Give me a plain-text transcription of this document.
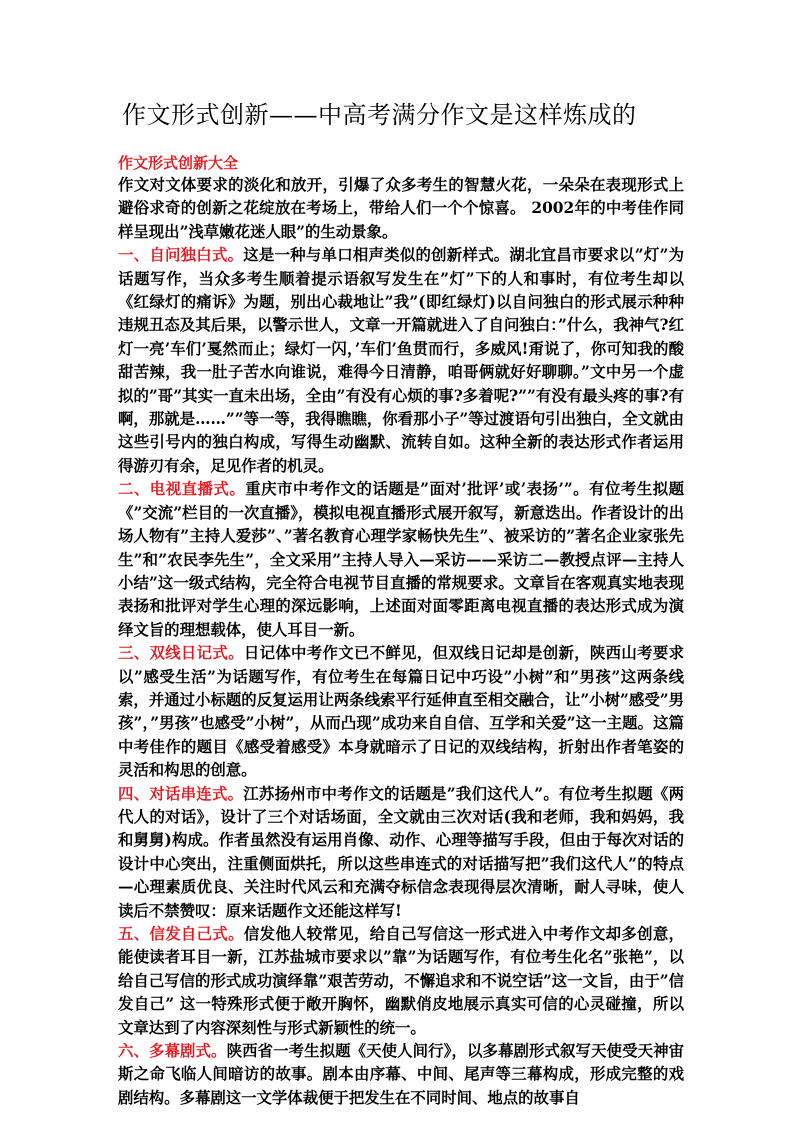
作文形式创新——中高考满分作文是这样炼成的
作文形式创新大全

作文对文体要求的淡化和放开，引爆了众多考生的智慧火花，一朵朵在表现形式上避俗求奇的创新之花绽放在考场上，带给人们一个个惊喜。 2002年的中考佳作同样呈现出”浅草嫩花迷人眼”的生动景象。

一、自问独白式。这是一种与单口相声类似的创新样式。湖北宜昌市要求以”灯”为话题写作，当众多考生顺着提示语叙写发生在”灯”下的人和事时，有位考生却以《红绿灯的痛诉》为题，别出心裁地让”我”(即红绿灯)以自问独白的形式展示种种违规丑态及其后果，以警示世人，文章一开篇就进入了自问独白：”什么，我神气?红灯一亮’车们’戛然而止；绿灯一闪，’车们’鱼贯而行，多威风!甭说了，你可知我的酸甜苦辣，我一肚子苦水向谁说，难得今日清静，咱哥俩就好好聊聊。”文中另一个虚拟的”哥”其实一直未出场，全由”有没有心烦的事?多着呢?””有没有最头疼的事?有啊，那就是……””等一等，我得瞧瞧，你看那小子”等过渡语句引出独白，全文就由这些引号内的独白构成，写得生动幽默、流转自如。这种全新的表达形式作者运用得游刃有余，足见作者的机灵。

二、电视直播式。重庆市中考作文的话题是”面对’批评’或’表扬’”。有位考生拟题《”交流”栏目的一次直播》，模拟电视直播形式展开叙写，新意迭出。作者设计的出场人物有”主持人爱莎”、”著名教育心理学家畅快先生”、被采访的”著名企业家张先生”和”农民李先生”，全文采用”主持人导入—采访——采访二—教授点评—主持人小结”这一级式结构，完全符合电视节目直播的常规要求。文章旨在客观真实地表现表扬和批评对学生心理的深远影响，上述面对面零距离电视直播的表达形式成为演绎文旨的理想载体，使人耳目一新。

三、双线日记式。日记体中考作文已不鲜见，但双线日记却是创新，陕西山考要求以”感受生活”为话题写作，有位考生在每篇日记中巧设”小树”和”男孩”这两条线索，并通过小标题的反复运用让两条线索平行延伸直至相交融合，让”小树”感受”男孩”，”男孩”也感受”小树”，从而凸现”成功来自自信、互学和关爱”这一主题。这篇中考佳作的题目《感受着感受》本身就暗示了日记的双线结构，折射出作者笔姿的灵活和构思的创意。

四、对话串连式。江苏扬州市中考作文的话题是”我们这代人”。有位考生拟题《两代人的对话》，设计了三个对话场面，全文就由三次对话(我和老师，我和妈妈，我和舅舅)构成。作者虽然没有运用肖像、动作、心理等描写手段，但由于每次对话的设计中心突出，注重侧面烘托，所以这些串连式的对话描写把”我们这代人”的特点—心理素质优良、关注时代风云和充满夺标信念表现得层次清晰，耐人寻味，使人读后不禁赞叹：原来话题作文还能这样写!

五、信发自己式。信发他人较常见，给自己写信这一形式进入中考作文却多创意，能使读者耳目一新，江苏盐城市要求以”靠”为话题写作，有位考生化名”张艳”，以给自己写信的形式成功演绎靠”艰苦劳动，不懈追求和不说空话”这一文旨，由于”信发自己” 这一特殊形式便于敞开胸怀，幽默俏皮地展示真实可信的心灵碰撞，所以文章达到了内容深刻性与形式新颖性的统一。

六、多幕剧式。陕西省一考生拟题《天使人间行》，以多幕剧形式叙写天使受天神宙斯之命飞临人间暗访的故事。剧本由序幕、中间、尾声等三幕构成，形成完整的戏剧结构。多幕剧这一文学体裁便于把发生在不同时间、地点的故事自
